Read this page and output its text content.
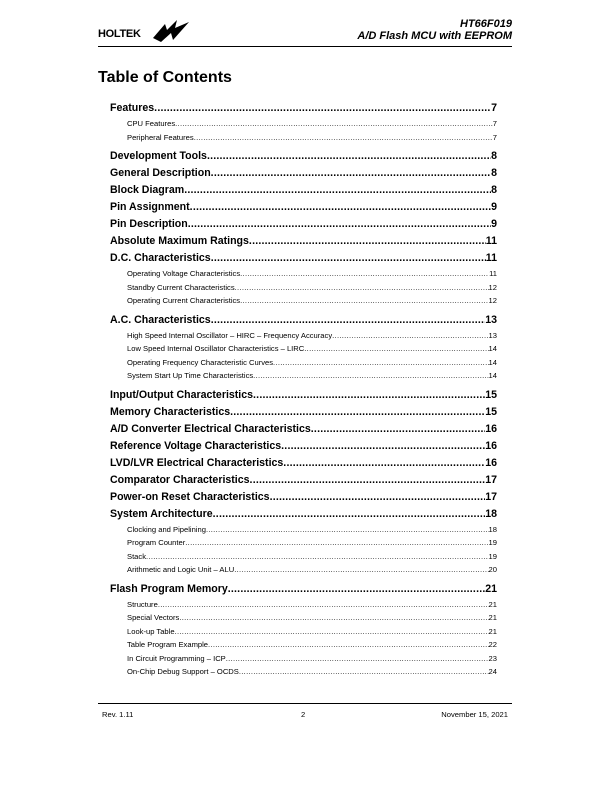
HOLTEK
HT66F019
A/D Flash MCU with EEPROM
Table of Contents
Features .....	7
CPU Features .....	7
Peripheral Features .....	7
Development Tools .....	8
General Description .....	8
Block Diagram .....	8
Pin Assignment .....	9
Pin Description .....	9
Absolute Maximum Ratings .....	11
D.C. Characteristics .....	11
Operating Voltage Characteristics .....	11
Standby Current Characteristics .....	12
Operating Current Characteristics .....	12
A.C. Characteristics .....	13
High Speed Internal Oscillator – HIRC – Frequency Accuracy .....	13
Low Speed Internal Oscillator Characteristics – LIRC .....	14
Operating Frequency Characteristic Curves .....	14
System Start Up Time Characteristics .....	14
Input/Output Characteristics .....	15
Memory Characteristics .....	15
A/D Converter Electrical Characteristics .....	16
Reference Voltage Characteristics .....	16
LVD/LVR Electrical Characteristics .....	16
Comparator Characteristics .....	17
Power-on Reset Characteristics .....	17
System Architecture .....	18
Clocking and Pipelining .....	18
Program Counter .....	19
Stack .....	19
Arithmetic and Logic Unit – ALU .....	20
Flash Program Memory .....	21
Structure .....	21
Special Vectors .....	21
Look-up Table .....	21
Table Program Example .....	22
In Circuit Programming – ICP .....	23
On-Chip Debug Support – OCDS .....	24
Rev. 1.11	2	November 15, 2021
